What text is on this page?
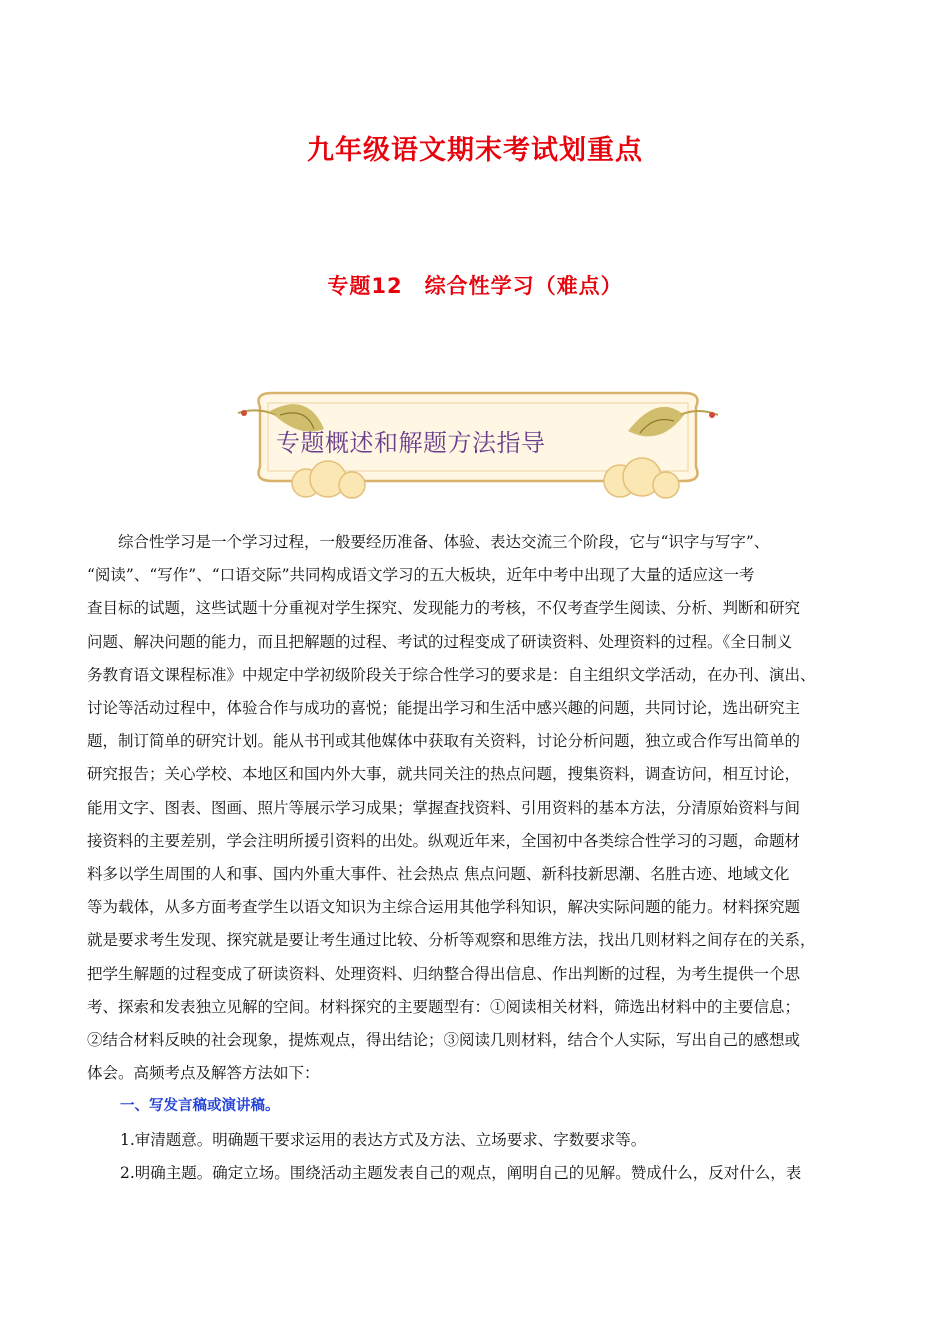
九年级语文期末考试划重点
专题12　综合性学习（难点）
专题概述和解题方法指导

综合性学习是一个学习过程，一般要经历准备、体验、表达交流三个阶段，它与“识字与写字”、
“阅读”、“写作”、“口语交际”共同构成语文学习的五大板块，近年中考中出现了大量的适应这一考
查目标的试题，这些试题十分重视对学生探究、发现能力的考核，不仅考查学生阅读、分析、判断和研究
问题、解决问题的能力，而且把解题的过程、考试的过程变成了研读资料、处理资料的过程。《全日制义
务教育语文课程标准》中规定中学初级阶段关于综合性学习的要求是：自主组织文学活动，在办刊、演出、
讨论等活动过程中，体验合作与成功的喜悦；能提出学习和生活中感兴趣的问题，共同讨论，选出研究主
题，制订简单的研究计划。能从书刊或其他媒体中获取有关资料，讨论分析问题，独立或合作写出简单的
研究报告；关心学校、本地区和国内外大事，就共同关注的热点问题，搜集资料，调查访问，相互讨论，
能用文字、图表、图画、照片等展示学习成果；掌握查找资料、引用资料的基本方法，分清原始资料与间
接资料的主要差别，学会注明所援引资料的出处。纵观近年来，全国初中各类综合性学习的习题，命题材
料多以学生周围的人和事、国内外重大事件、社会热点 焦点问题、新科技新思潮、名胜古迹、地域文化
等为载体，从多方面考查学生以语文知识为主综合运用其他学科知识，解决实际问题的能力。材料探究题
就是要求考生发现、探究就是要让考生通过比较、分析等观察和思维方法，找出几则材料之间存在的关系，
把学生解题的过程变成了研读资料、处理资料、归纳整合得出信息、作出判断的过程，为考生提供一个思
考、探索和发表独立见解的空间。材料探究的主要题型有：①阅读相关材料，筛选出材料中的主要信息；
②结合材料反映的社会现象，提炼观点，得出结论；③阅读几则材料，结合个人实际，写出自己的感想或
体会。高频考点及解答方法如下：

一、写发言稿或演讲稿。

1.审清题意。明确题干要求运用的表达方式及方法、立场要求、字数要求等。

2.明确主题。确定立场。围绕活动主题发表自己的观点，阐明自己的见解。赞成什么，反对什么，表
